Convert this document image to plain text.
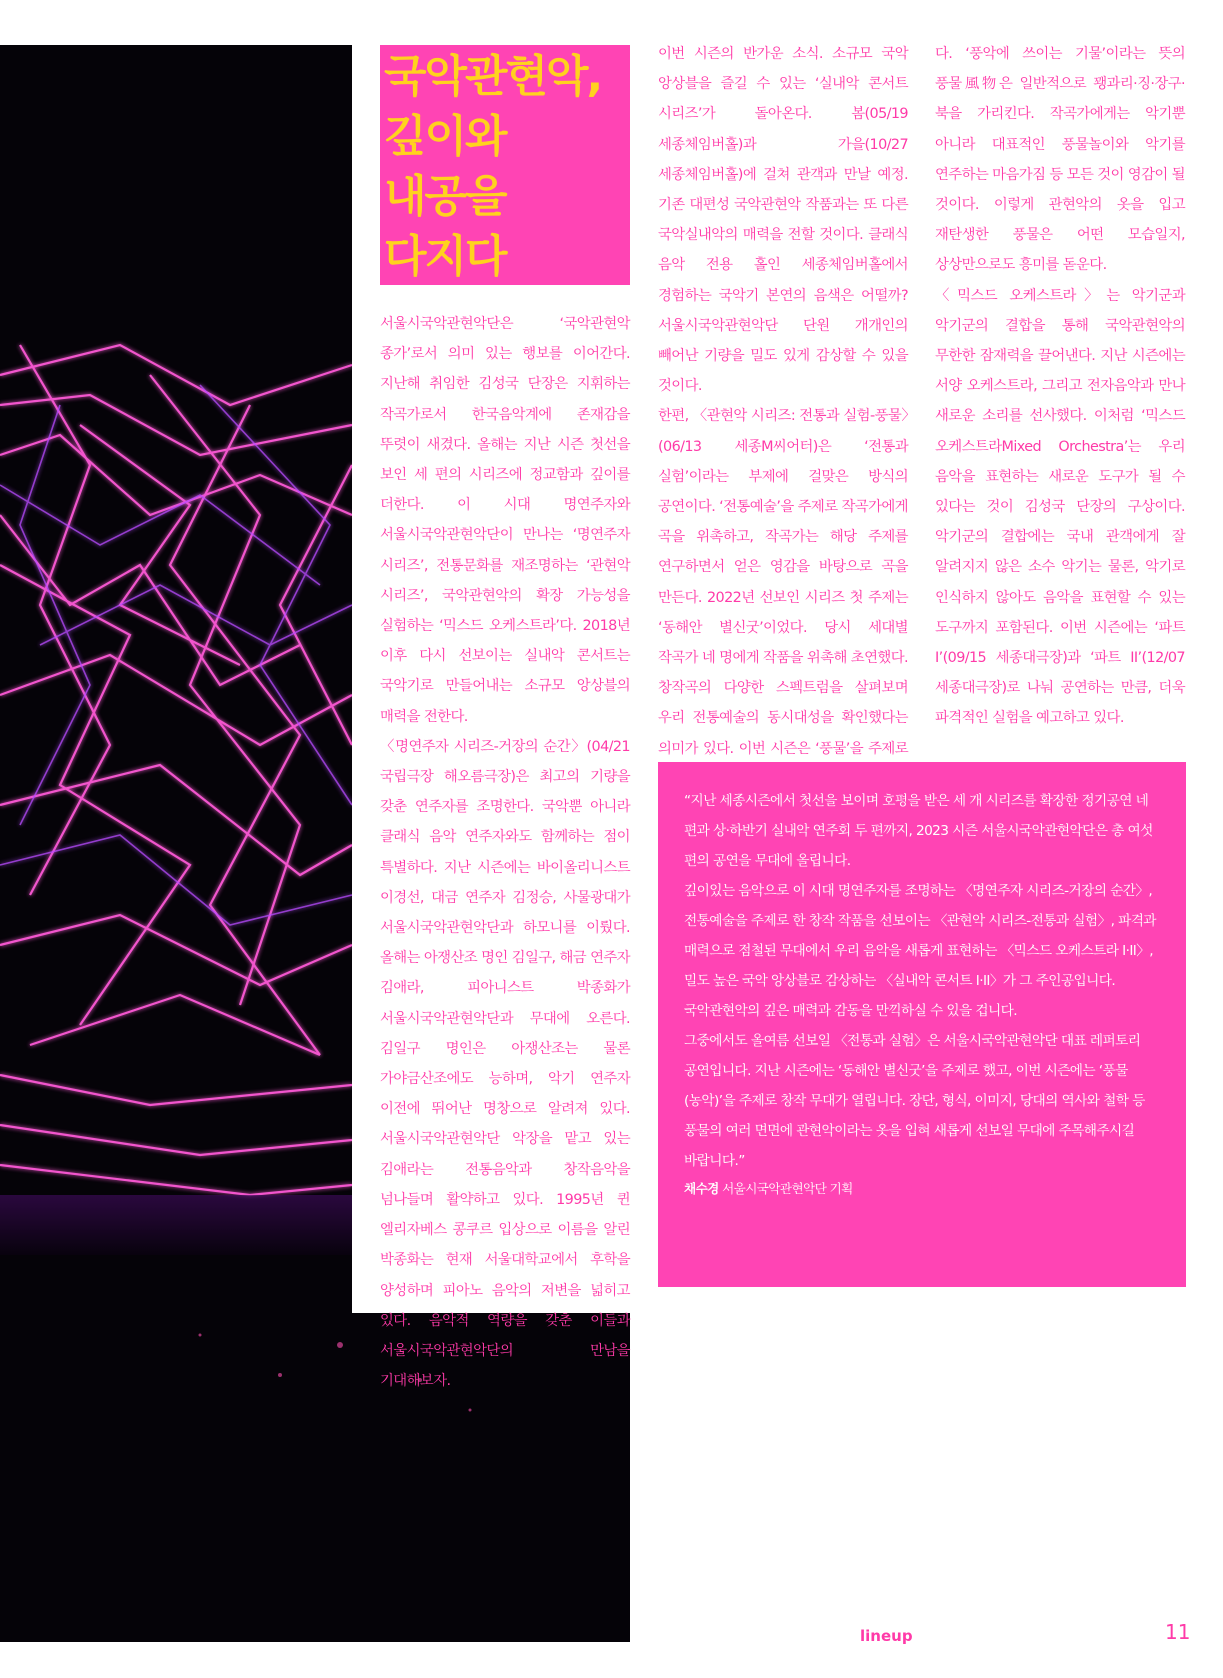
국악관현악,
깊이와
내공을
다지다

서울시국악관현악단은 ‘국악관현악 종가’로서 의미 있는 행보를 이어간다. 지난해 취임한 김성국 단장은 지휘하는 작곡가로서 한국음악계에 존재감을 뚜렷이 새겼다. 올해는 지난 시즌 첫선을 보인 세 편의 시리즈에 정교함과 깊이를 더한다. 이 시대 명연주자와 서울시국악관현악단이 만나는 ‘명연주자 시리즈’, 전통문화를 재조명하는 ‘관현악 시리즈’, 국악관현악의 확장 가능성을 실험하는 ‘믹스드 오케스트라’다. 2018년 이후 다시 선보이는 실내악 콘서트는 국악기로 만들어내는 소규모 앙상블의 매력을 전한다.

〈명연주자 시리즈-거장의 순간〉(04/21 국립극장 해오름극장)은 최고의 기량을 갖춘 연주자를 조명한다. 국악뿐 아니라 클래식 음악 연주자와도 함께하는 점이 특별하다. 지난 시즌에는 바이올리니스트 이경선, 대금 연주자 김정승, 사물광대가 서울시국악관현악단과 하모니를 이뤘다. 올해는 아쟁산조 명인 김일구, 해금 연주자 김애라, 피아니스트 박종화가 서울시국악관현악단과 무대에 오른다. 김일구 명인은 아쟁산조는 물론 가야금산조에도 능하며, 악기 연주자 이전에 뛰어난 명창으로 알려져 있다. 서울시국악관현악단 악장을 맡고 있는 김애라는 전통음악과 창작음악을 넘나들며 활약하고 있다. 1995년 퀸 엘리자베스 콩쿠르 입상으로 이름을 알린 박종화는 현재 서울대학교에서 후학을 양성하며 피아노 음악의 저변을 넓히고 있다. 음악적 역량을 갖춘 이들과 서울시국악관현악단의 만남을 기대해보자.

이번 시즌의 반가운 소식. 소규모 국악 앙상블을 즐길 수 있는 ‘실내악 콘서트 시리즈’가 돌아온다. 봄(05/19 세종체임버홀)과 가을(10/27 세종체임버홀)에 걸쳐 관객과 만날 예정. 기존 대편성 국악관현악 작품과는 또 다른 국악실내악의 매력을 전할 것이다. 클래식 음악 전용 홀인 세종체임버홀에서 경험하는 국악기 본연의 음색은 어떨까? 서울시국악관현악단 단원 개개인의 빼어난 기량을 밀도 있게 감상할 수 있을 것이다.

한편, 〈관현악 시리즈: 전통과 실험-풍물〉(06/13 세종M씨어터)은 ‘전통과 실험’이라는 부제에 걸맞은 방식의 공연이다. ‘전통예술’을 주제로 작곡가에게 곡을 위촉하고, 작곡가는 해당 주제를 연구하면서 얻은 영감을 바탕으로 곡을 만든다. 2022년 선보인 시리즈 첫 주제는 ‘동해안 별신굿’이었다. 당시 세대별 작곡가 네 명에게 작품을 위촉해 초연했다. 창작곡의 다양한 스펙트럼을 살펴보며 우리 전통예술의 동시대성을 확인했다는 의미가 있다. 이번 시즌은 ‘풍물’을 주제로

다. ‘풍악에 쓰이는 기물’이라는 뜻의 풍물風物은 일반적으로 꽹과리·징·장구·북을 가리킨다. 작곡가에게는 악기뿐 아니라 대표적인 풍물놀이와 악기를 연주하는 마음가짐 등 모든 것이 영감이 될 것이다. 이렇게 관현악의 옷을 입고 재탄생한 풍물은 어떤 모습일지, 상상만으로도 흥미를 돋운다.

〈믹스드 오케스트라〉는 악기군과 악기군의 결합을 통해 국악관현악의 무한한 잠재력을 끌어낸다. 지난 시즌에는 서양 오케스트라, 그리고 전자음악과 만나 새로운 소리를 선사했다. 이처럼 ‘믹스드 오케스트라Mixed Orchestra’는 우리 음악을 표현하는 새로운 도구가 될 수 있다는 것이 김성국 단장의 구상이다. 악기군의 결합에는 국내 관객에게 잘 알려지지 않은 소수 악기는 물론, 악기로 인식하지 않아도 음악을 표현할 수 있는 도구까지 포함된다. 이번 시즌에는 ‘파트 I’(09/15 세종대극장)과 ‘파트 II’(12/07 세종대극장)로 나눠 공연하는 만큼, 더욱 파격적인 실험을 예고하고 있다.

“지난 세종시즌에서 첫선을 보이며 호평을 받은 세 개 시리즈를 확장한 정기공연 네 편과 상·하반기 실내악 연주회 두 편까지, 2023 시즌 서울시국악관현악단은 총 여섯 편의 공연을 무대에 올립니다.

깊이있는 음악으로 이 시대 명연주자를 조명하는 〈명연주자 시리즈-거장의 순간〉, 전통예술을 주제로 한 창작 작품을 선보이는 〈관현악 시리즈-전통과 실험〉, 파격과 매력으로 점철된 무대에서 우리 음악을 새롭게 표현하는 〈믹스드 오케스트라 I·II〉, 밀도 높은 국악 앙상블로 감상하는 〈실내악 콘서트 I·II〉가 그 주인공입니다. 국악관현악의 깊은 매력과 감동을 만끽하실 수 있을 겁니다.

그중에서도 올여름 선보일 〈전통과 실험〉은 서울시국악관현악단 대표 레퍼토리 공연입니다. 지난 시즌에는 ‘동해안 별신굿’을 주제로 했고, 이번 시즌에는 ‘풍물(농악)’을 주제로 창작 무대가 열립니다. 장단, 형식, 이미지, 당대의 역사와 철학 등 풍물의 여러 면면에 관현악이라는 옷을 입혀 새롭게 선보일 무대에 주목해주시길 바랍니다.”

채수경 서울시국악관현악단 기획

lineup	11
